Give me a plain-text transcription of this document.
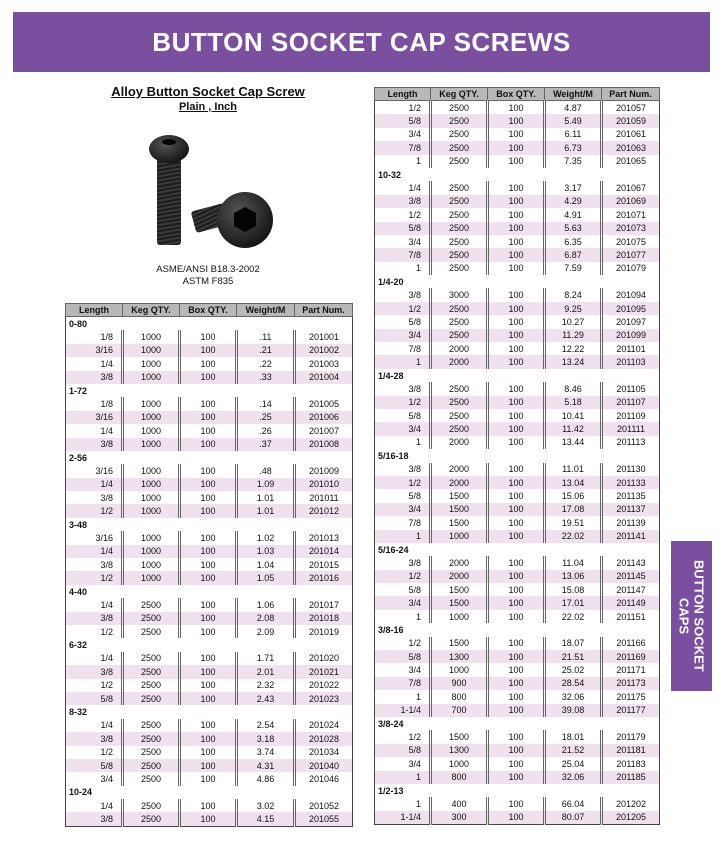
BUTTON SOCKET CAP SCREWS
Alloy Button Socket Cap Screw
Plain , Inch
ASME/ANSI B18.3-2002
ASTM F835
Length	Keg QTY.	Box QTY.	Weight/M	Part Num.
0-80				
1/8	1000	100	.11	201001
3/16	1000	100	.21	201002
1/4	1000	100	.22	201003
3/8	1000	100	.33	201004
1-72				
1/8	1000	100	.14	201005
3/16	1000	100	.25	201006
1/4	1000	100	.26	201007
3/8	1000	100	.37	201008
2-56				
3/16	1000	100	.48	201009
1/4	1000	100	1.09	201010
3/8	1000	100	1.01	201011
1/2	1000	100	1.01	201012
3-48				
3/16	1000	100	1.02	201013
1/4	1000	100	1.03	201014
3/8	1000	100	1.04	201015
1/2	1000	100	1.05	201016
4-40				
1/4	2500	100	1.06	201017
3/8	2500	100	2.08	201018
1/2	2500	100	2.09	201019
6-32				
1/4	2500	100	1.71	201020
3/8	2500	100	2.01	201021
1/2	2500	100	2.32	201022
5/8	2500	100	2.43	201023
8-32				
1/4	2500	100	2.54	201024
3/8	2500	100	3.18	201028
1/2	2500	100	3.74	201034
5/8	2500	100	4.31	201040
3/4	2500	100	4.86	201046
10-24				
1/4	2500	100	3.02	201052
3/8	2500	100	4.15	201055
Length	Keg QTY.	Box QTY.	Weight/M	Part Num.
1/2	2500	100	4.87	201057
5/8	2500	100	5.49	201059
3/4	2500	100	6.11	201061
7/8	2500	100	6.73	201063
1	2500	100	7.35	201065
10-32				
1/4	2500	100	3.17	201067
3/8	2500	100	4.29	201069
1/2	2500	100	4.91	201071
5/8	2500	100	5.63	201073
3/4	2500	100	6.35	201075
7/8	2500	100	6.87	201077
1	2500	100	7.59	201079
1/4-20				
3/8	3000	100	8.24	201094
1/2	2500	100	9.25	201095
5/8	2500	100	10.27	201097
3/4	2500	100	11.29	201099
7/8	2000	100	12.22	201101
1	2000	100	13.24	201103
1/4-28				
3/8	2500	100	8.46	201105
1/2	2500	100	5.18	201107
5/8	2500	100	10.41	201109
3/4	2500	100	11.42	201111
1	2000	100	13.44	201113
5/16-18				
3/8	2000	100	11.01	201130
1/2	2000	100	13.04	201133
5/8	1500	100	15.06	201135
3/4	1500	100	17.08	201137
7/8	1500	100	19.51	201139
1	1000	100	22.02	201141
5/16-24				
3/8	2000	100	11.04	201143
1/2	2000	100	13.06	201145
5/8	1500	100	15.08	201147
3/4	1500	100	17.01	201149
1	1000	100	22.02	201151
3/8-16				
1/2	1500	100	18.07	201166
5/8	1300	100	21.51	201169
3/4	1000	100	25.02	201171
7/8	900	100	28.54	201173
1	800	100	32.06	201175
1-1/4	700	100	39.08	201177
3/8-24				
1/2	1500	100	18.01	201179
5/8	1300	100	21.52	201181
3/4	1000	100	25.04	201183
1	800	100	32.06	201185
1/2-13				
1	400	100	66.04	201202
1-1/4	300	100	80.07	201205
BUTTON SOCKET CAPS
